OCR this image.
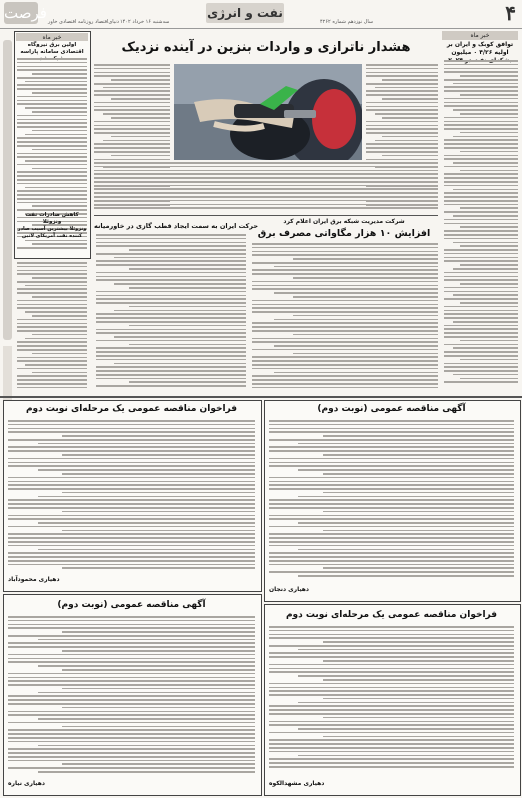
فرصت	سه‌شنبه ۱۶ خرداد ۱۴۰۲
دنیای‌اقتصاد روزنامه اقتصادی خاور
نفت و انرژی
سال نوزدهم شماره ۴۲۶۲	۴
خبر ماه
توافق کوبک و ایران بر اولیه ۴/۲۶ ۰ میلیون
خبر ماه
اولین برق نیروگاه اقتصادی سامانه پاراسه
کاهش صادرات نفت ونزوئلا
ونزوئلا بیشترین آسیب صادر کننده نفت آمریکای لاتین
هشدار ناترازی و واردات بنزین در آینده نزدیک
شرکت مدیریت شبکه برق ایران اعلام کرد
افزایش ۱۰ هزار مگاواتی مصرف برق
حرکت ایران به سمت ایجاد قطب گازی در خاورمیانه
فراخوان مناقصه عمومی یک مرحله‌ای نوبت دوم
دهیاری محمودآباد
آگهی مناقصه عمومی (نوبت دوم)
دهیاری دنجان
آگهی مناقصه عمومی (نوبت دوم)
دهیاری نیاره
فراخوان مناقصه عمومی یک مرحله‌ای نوبت دوم
دهیاری مشهدالکوه
